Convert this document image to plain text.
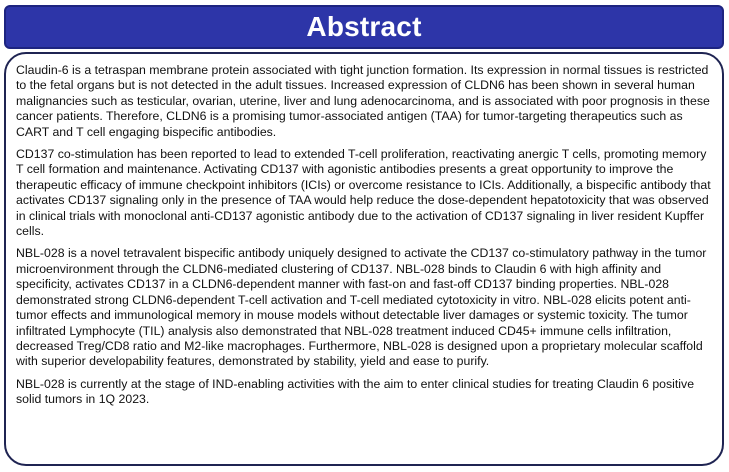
Abstract

Claudin-6 is a tetraspan membrane protein associated with tight junction formation. Its expression in normal tissues is restricted to the fetal organs but is not detected in the adult tissues. Increased expression of CLDN6 has been shown in several human malignancies such as testicular, ovarian, uterine, liver and lung adenocarcinoma, and is associated with poor prognosis in these cancer patients. Therefore, CLDN6 is a promising tumor-associated antigen (TAA) for tumor-targeting therapeutics such as CART and T cell engaging bispecific antibodies.

CD137 co-stimulation has been reported to lead to extended T-cell proliferation, reactivating anergic T cells, promoting memory T cell formation and maintenance. Activating CD137 with agonistic antibodies presents a great opportunity to improve the therapeutic efficacy of immune checkpoint inhibitors (ICIs) or overcome resistance to ICIs. Additionally, a bispecific antibody that activates CD137 signaling only in the presence of TAA would help reduce the dose-dependent hepatotoxicity that was observed in clinical trials with monoclonal anti-CD137 agonistic antibody due to the activation of CD137 signaling in liver resident Kupffer cells.

NBL-028 is a novel tetravalent bispecific antibody uniquely designed to activate the CD137 co-stimulatory pathway in the tumor microenvironment through the CLDN6-mediated clustering of CD137. NBL-028 binds to Claudin 6 with high affinity and specificity, activates CD137 in a CLDN6-dependent manner with fast-on and fast-off CD137 binding properties. NBL-028 demonstrated strong CLDN6-dependent T-cell activation and T-cell mediated cytotoxicity in vitro. NBL-028 elicits potent anti-tumor effects and immunological memory in mouse models without detectable liver damages or systemic toxicity. The tumor infiltrated Lymphocyte (TIL) analysis also demonstrated that NBL-028 treatment induced CD45+ immune cells infiltration, decreased Treg/CD8 ratio and M2-like macrophages. Furthermore, NBL-028 is designed upon a proprietary molecular scaffold with superior developability features, demonstrated by stability, yield and ease to purify.

NBL-028 is currently at the stage of IND-enabling activities with the aim to enter clinical studies for treating Claudin 6 positive solid tumors in 1Q 2023.
